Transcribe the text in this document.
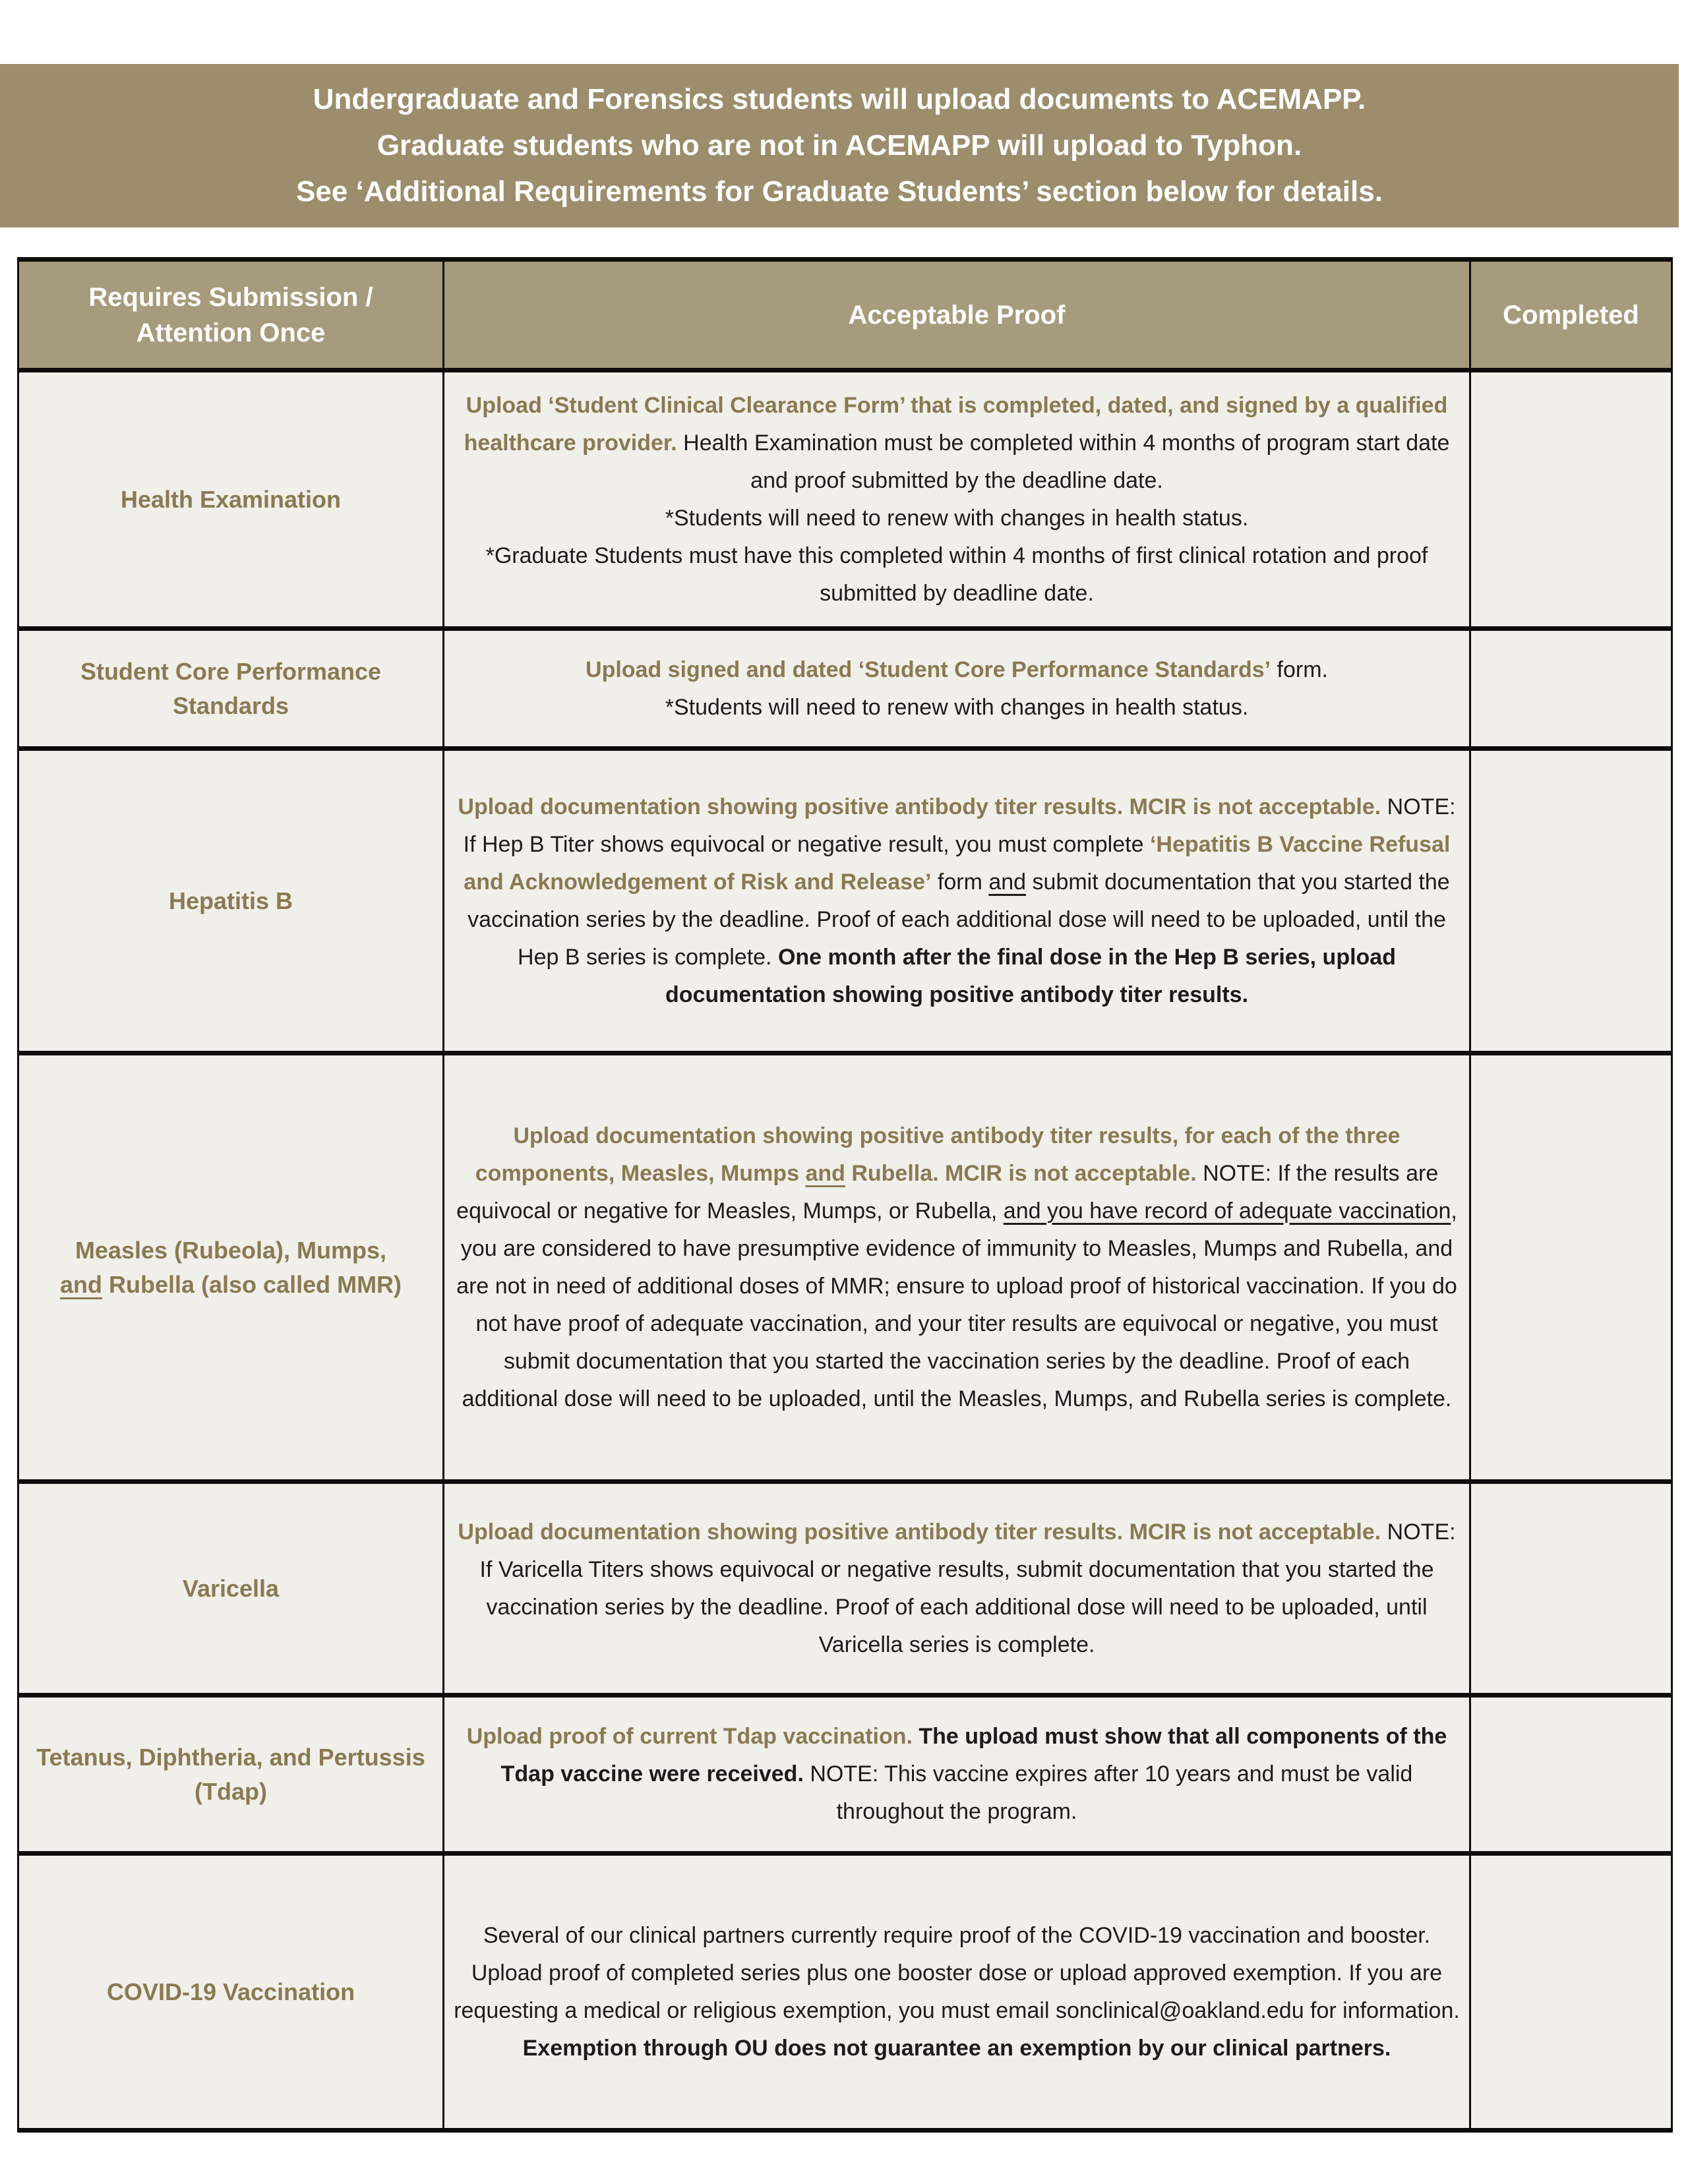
Undergraduate and Forensics students will upload documents to ACEMAPP.
Graduate students who are not in ACEMAPP will upload to Typhon.
See ‘Additional Requirements for Graduate Students’ section below for details.
Requires Submission / Attention Once	Acceptable Proof	Completed
Health Examination	Upload ‘Student Clinical Clearance Form’ that is completed, dated, and signed by a qualified healthcare provider. Health Examination must be completed within 4 months of program start date and proof submitted by the deadline date.
*Students will need to renew with changes in health status.
*Graduate Students must have this completed within 4 months of first clinical rotation and proof submitted by deadline date.	
Student Core Performance Standards	Upload signed and dated ‘Student Core Performance Standards’ form.
*Students will need to renew with changes in health status.	
Hepatitis B	Upload documentation showing positive antibody titer results. MCIR is not acceptable. NOTE: If Hep B Titer shows equivocal or negative result, you must complete ‘Hepatitis B Vaccine Refusal and Acknowledgement of Risk and Release’ form and submit documentation that you started the vaccination series by the deadline. Proof of each additional dose will need to be uploaded, until the Hep B series is complete. One month after the final dose in the Hep B series, upload documentation showing positive antibody titer results.	
Measles (Rubeola), Mumps,
and Rubella (also called MMR)	Upload documentation showing positive antibody titer results, for each of the three components, Measles, Mumps and Rubella. MCIR is not acceptable. NOTE: If the results are equivocal or negative for Measles, Mumps, or Rubella, and you have record of adequate vaccination, you are considered to have presumptive evidence of immunity to Measles, Mumps and Rubella, and are not in need of additional doses of MMR; ensure to upload proof of historical vaccination. If you do not have proof of adequate vaccination, and your titer results are equivocal or negative, you must submit documentation that you started the vaccination series by the deadline. Proof of each additional dose will need to be uploaded, until the Measles, Mumps, and Rubella series is complete.	
Varicella	Upload documentation showing positive antibody titer results. MCIR is not acceptable. NOTE: If Varicella Titers shows equivocal or negative results, submit documentation that you started the vaccination series by the deadline. Proof of each additional dose will need to be uploaded, until Varicella series is complete.	
Tetanus, Diphtheria, and Pertussis (Tdap)	Upload proof of current Tdap vaccination. The upload must show that all components of the Tdap vaccine were received. NOTE: This vaccine expires after 10 years and must be valid throughout the program.	
COVID-19 Vaccination	Several of our clinical partners currently require proof of the COVID-19 vaccination and booster. Upload proof of completed series plus one booster dose or upload approved exemption. If you are requesting a medical or religious exemption, you must email sonclinical@oakland.edu for information. Exemption through OU does not guarantee an exemption by our clinical partners.	
